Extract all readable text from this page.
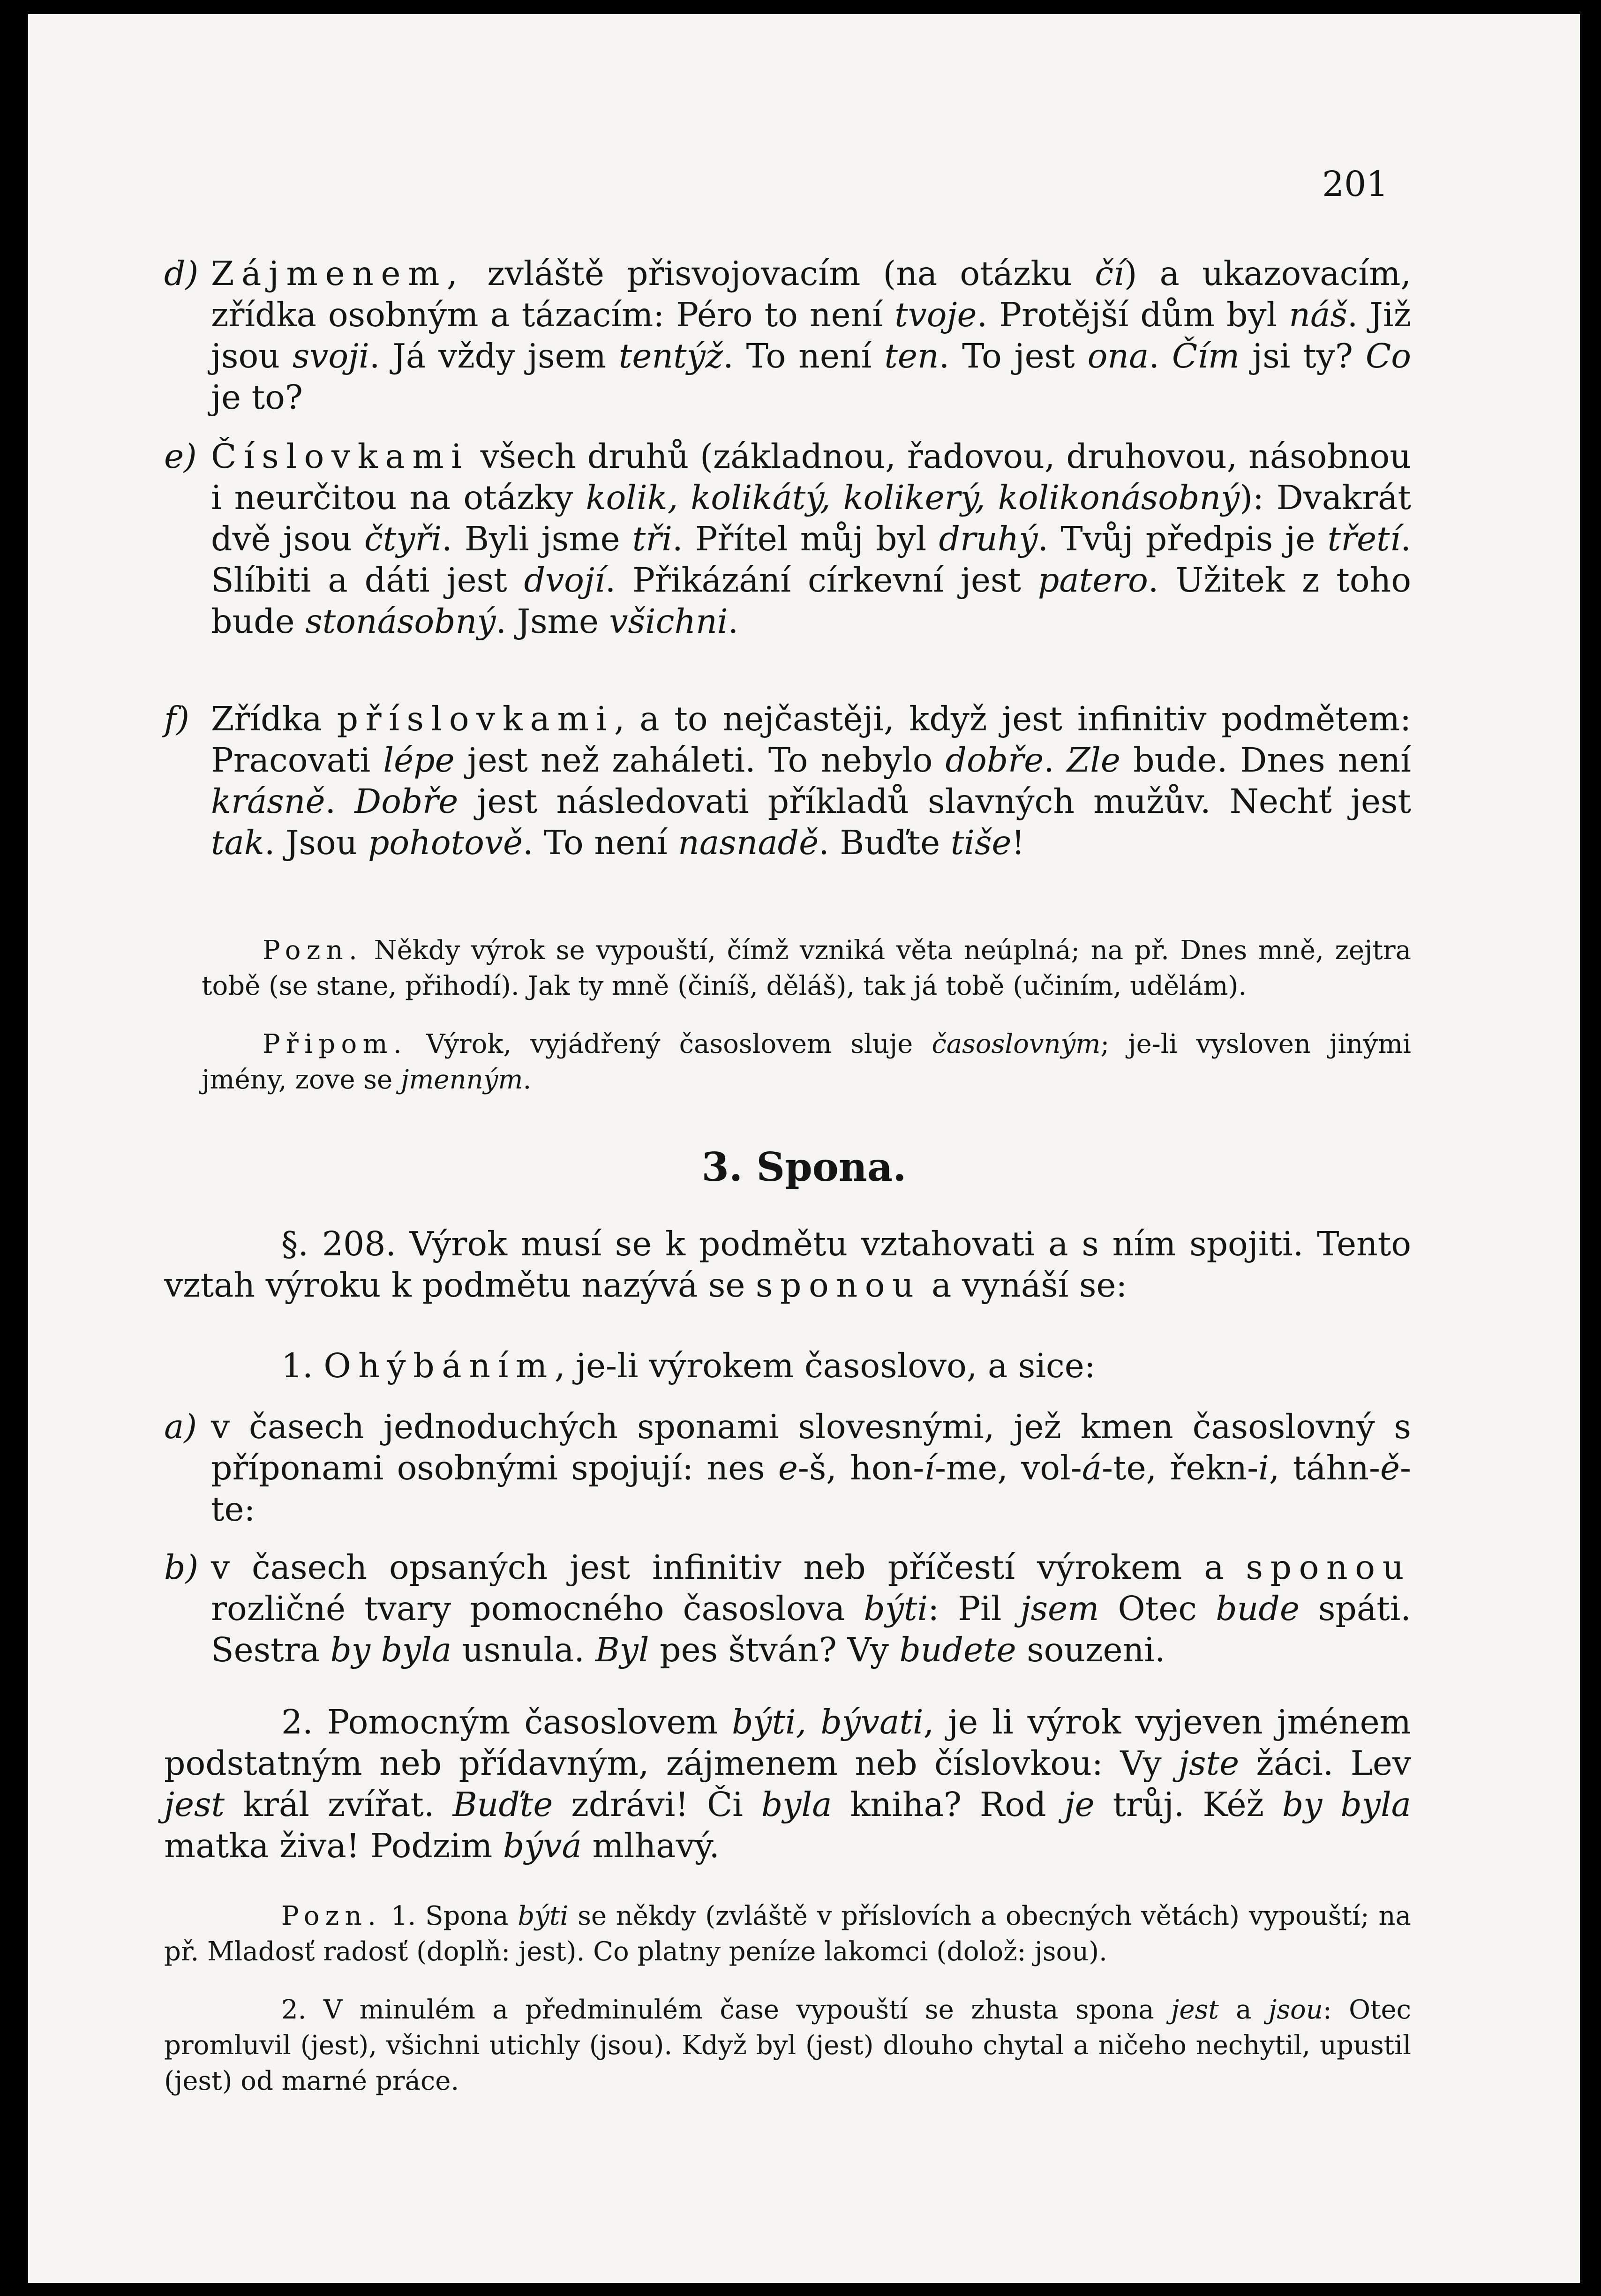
201

d) Zájmenem, zvláště přisvojovacím (na otázku čí) a ukazovacím, zřídka osobným a tázacím: Péro to není tvoje. Protější dům byl náš. Již jsou svoji. Já vždy jsem tentýž. To není ten. To jest ona. Čím jsi ty? Co je to?

e) Číslovkami všech druhů (základnou, řadovou, druhovou, násobnou i neurčitou na otázky kolik, kolikátý, kolikerý, kolikonásobný): Dvakrát dvě jsou čtyři. Byli jsme tři. Přítel můj byl druhý. Tvůj předpis je třetí. Slíbiti a dáti jest dvojí. Přikázání církevní jest patero. Užitek z toho bude stonásobný. Jsme všichni.

f) Zřídka příslovkami, a to nejčastěji, když jest infinitiv podmětem: Pracovati lépe jest než zaháleti. To nebylo dobře. Zle bude. Dnes není krásně. Dobře jest následovati příkladů slavných mužův. Nechť jest tak. Jsou pohotově. To není nasnadě. Buďte tiše!

Pozn. Někdy výrok se vypouští, čímž vzniká věta neúplná; na př. Dnes mně, zejtra tobě (se stane, přihodí). Jak ty mně (činíš, děláš), tak já tobě (učiním, udělám).

Připom. Výrok, vyjádřený časoslovem sluje časoslovným; je-li vysloven jinými jmény, zove se jmenným.

3. Spona.

§. 208. Výrok musí se k podmětu vztahovati a s ním spojiti. Tento vztah výroku k podmětu nazývá se sponou a vynáší se:

1. Ohýbáním, je-li výrokem časoslovo, a sice:

a) v časech jednoduchých sponami slovesnými, jež kmen časoslovný s příponami osobnými spojují: nes e-š, hon-í-me, vol-á-te, řekn-i, táhn-ě-te:

b) v časech opsaných jest infinitiv neb příčestí výrokem a sponou rozličné tvary pomocného časoslova býti: Pil jsem Otec bude spáti. Sestra by byla usnula. Byl pes štván? Vy budete souzeni.

2. Pomocným časoslovem býti, bývati, je li výrok vyjeven jménem podstatným neb přídavným, zájmenem neb číslovkou: Vy jste žáci. Lev jest král zvířat. Buďte zdrávi! Či byla kniha? Rod je trůj. Kéž by byla matka živa! Podzim bývá mlhavý.

Pozn. 1. Spona býti se někdy (zvláště v příslovích a obecných větách) vypouští; na př. Mladosť radosť (doplň: jest). Co platny peníze lakomci (dolož: jsou).

2. V minulém a předminulém čase vypouští se zhusta spona jest a jsou: Otec promluvil (jest), všichni utichly (jsou). Když byl (jest) dlouho chytal a ničeho nechytil, upustil (jest) od marné práce.
